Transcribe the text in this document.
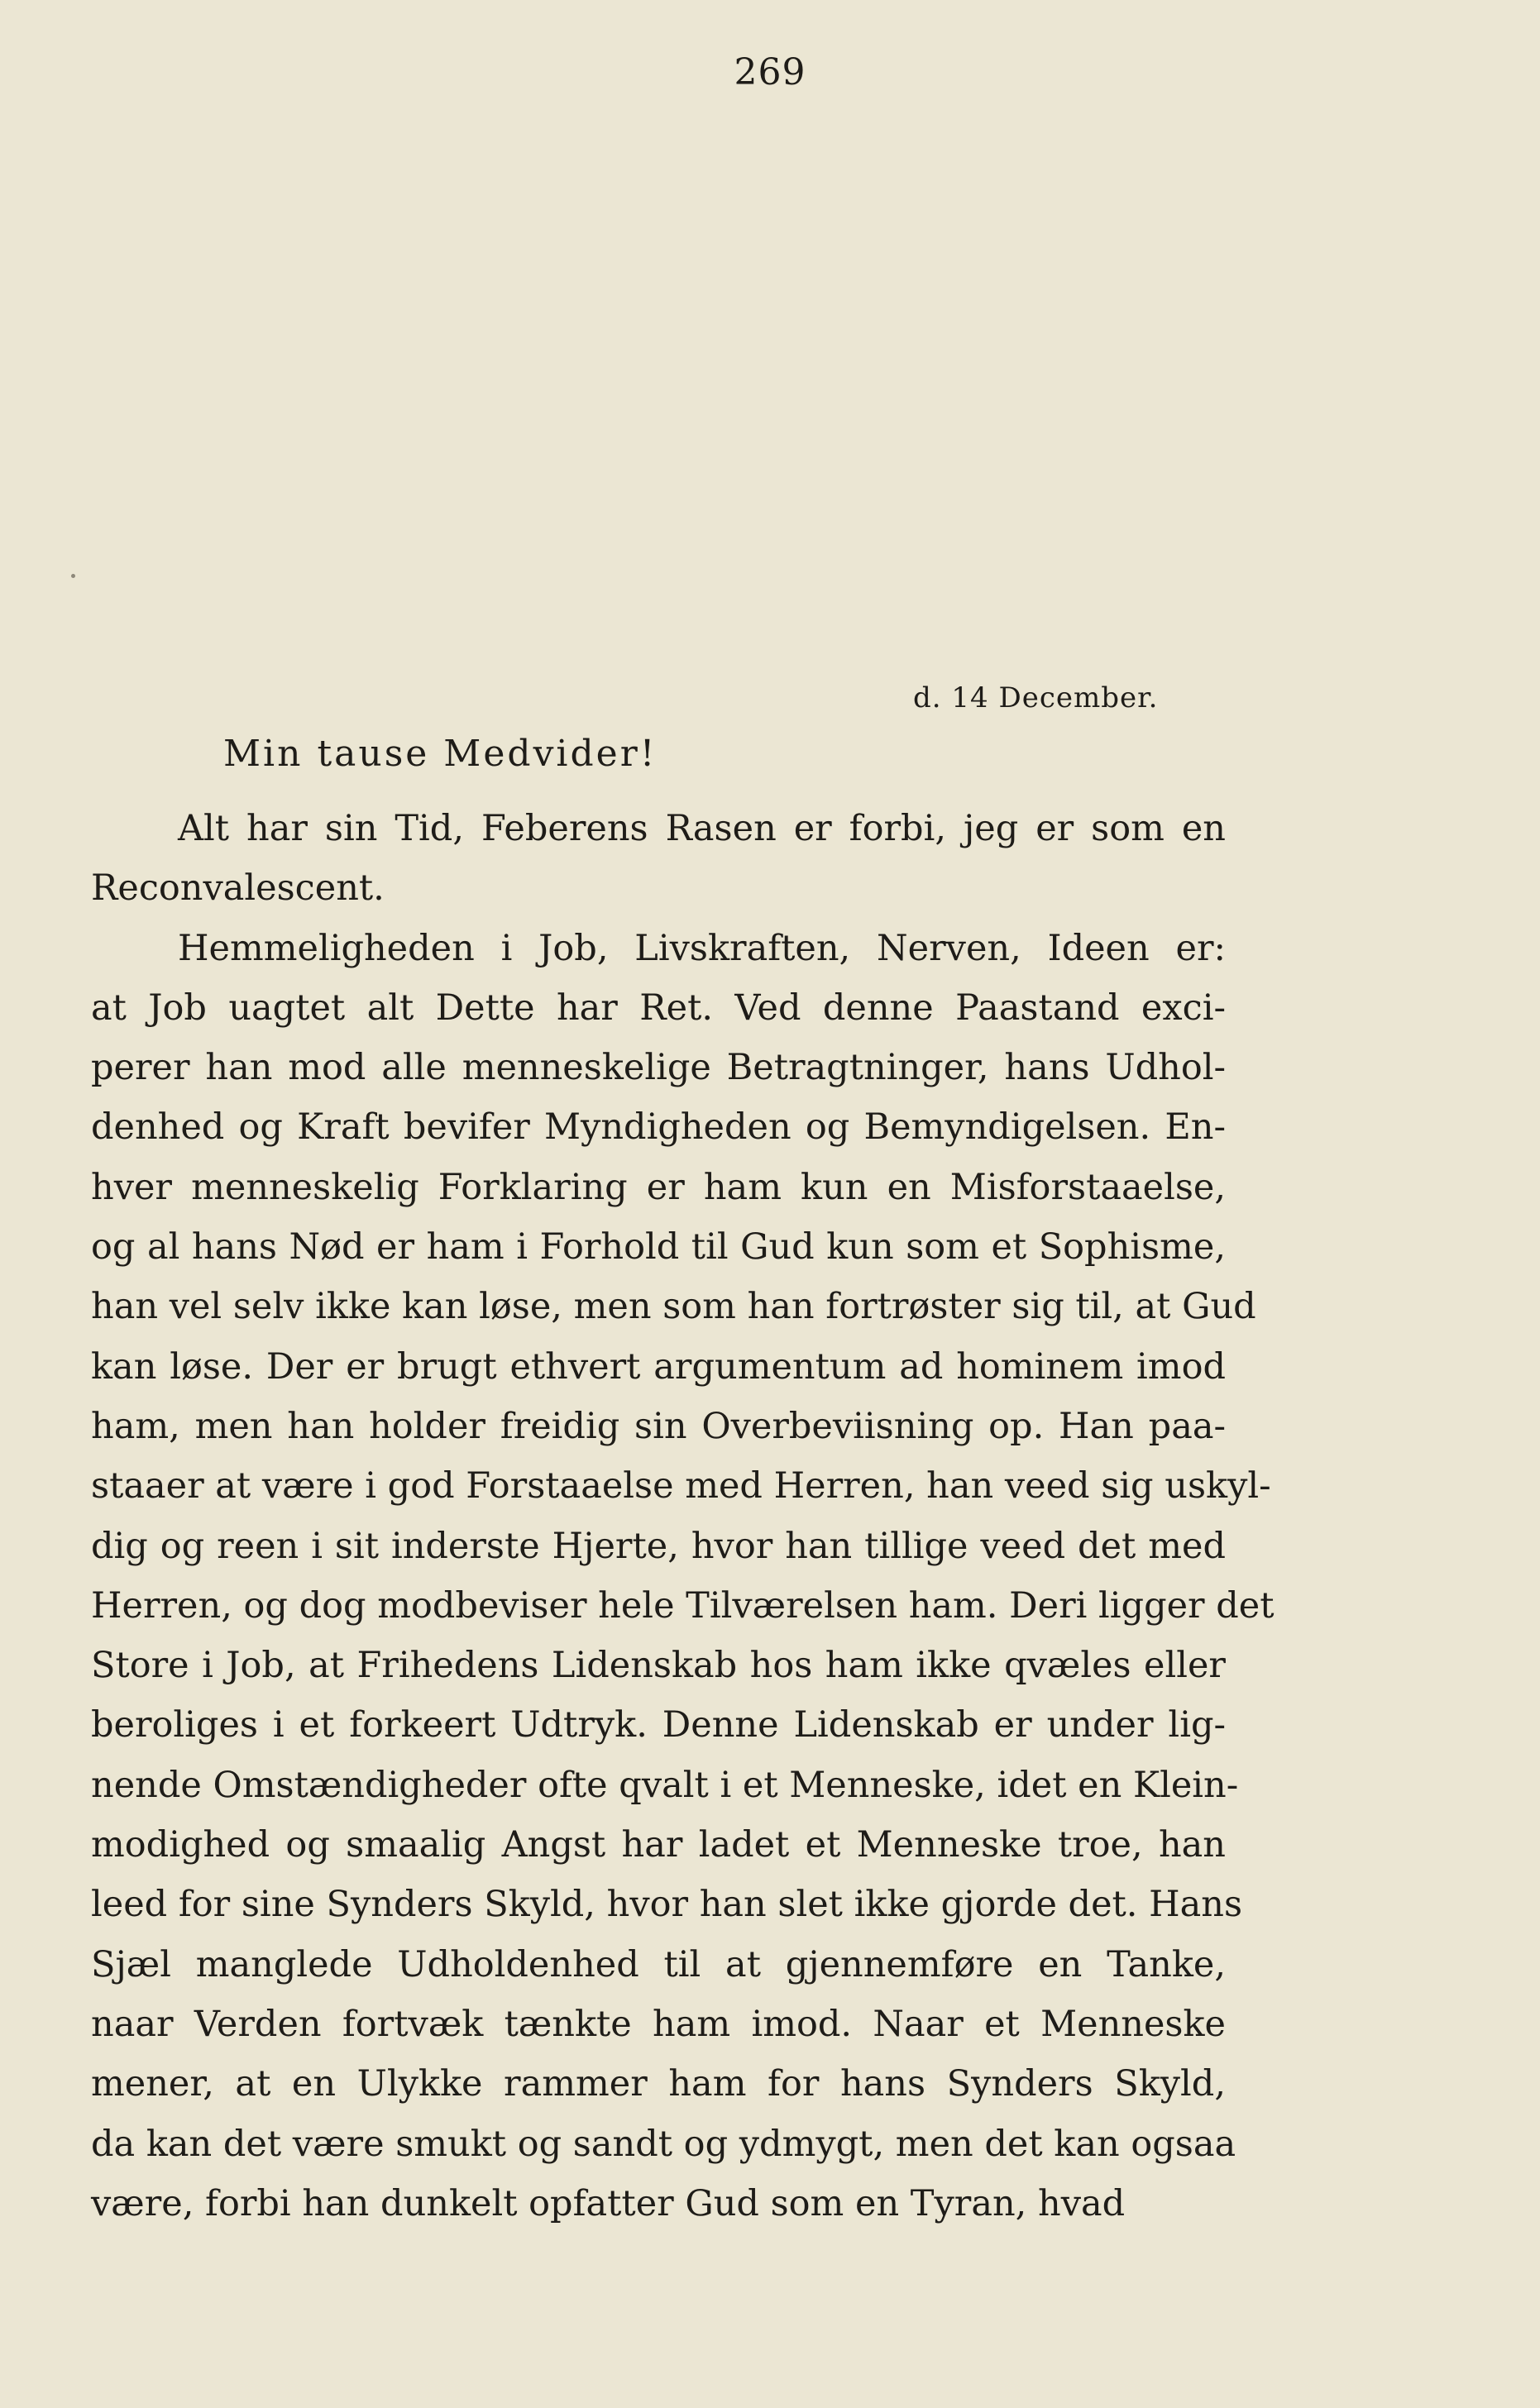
269
d. 14 December.
Min tause Medvider!
Alt har sin Tid, Feberens Rasen er forbi, jeg er som en
Reconvalescent.
Hemmeligheden i Job, Livskraften, Nerven, Ideen er:
at Job uagtet alt Dette har Ret. Ved denne Paastand exci-
perer han mod alle menneskelige Betragtninger, hans Udhol-
denhed og Kraft bevifer Myndigheden og Bemyndigelsen. En-
hver menneskelig Forklaring er ham kun en Misforstaaelse,
og al hans Nød er ham i Forhold til Gud kun som et Sophisme,
han vel selv ikke kan løse, men som han fortrøster sig til, at Gud
kan løse. Der er brugt ethvert argumentum ad hominem imod
ham, men han holder freidig sin Overbeviisning op. Han paa-
staaer at være i god Forstaaelse med Herren, han veed sig uskyl-
dig og reen i sit inderste Hjerte, hvor han tillige veed det med
Herren, og dog modbeviser hele Tilværelsen ham. Deri ligger det
Store i Job, at Frihedens Lidenskab hos ham ikke qvæles eller
beroliges i et forkeert Udtryk. Denne Lidenskab er under lig-
nende Omstændigheder ofte qvalt i et Menneske, idet en Klein-
modighed og smaalig Angst har ladet et Menneske troe, han
leed for sine Synders Skyld, hvor han slet ikke gjorde det. Hans
Sjæl manglede Udholdenhed til at gjennemføre en Tanke,
naar Verden fortvæk tænkte ham imod. Naar et Menneske
mener, at en Ulykke rammer ham for hans Synders Skyld,
da kan det være smukt og sandt og ydmygt, men det kan ogsaa
være, forbi han dunkelt opfatter Gud som en Tyran, hvad
